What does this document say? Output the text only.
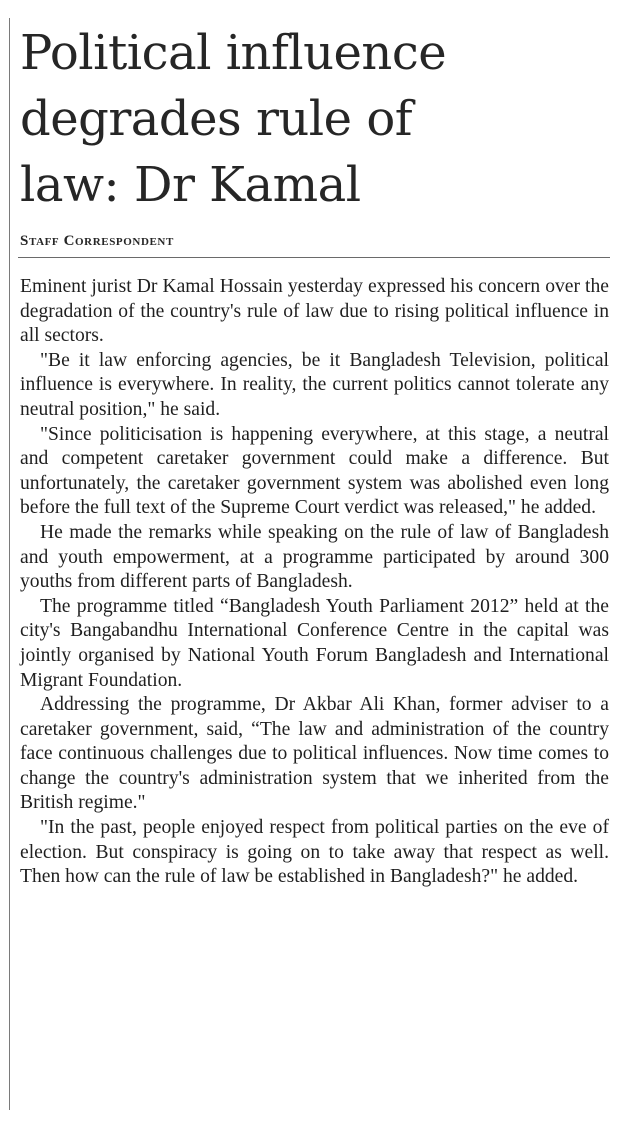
Political influence
degrades rule of
law: Dr Kamal
Staff Correspondent

Eminent jurist Dr Kamal Hossain yesterday expressed his concern over the degradation of the country's rule of law due to rising political influence in all sectors.

"Be it law enforcing agencies, be it Bangladesh Television, political influence is everywhere. In reality, the current politics cannot tolerate any neutral position," he said.

"Since politicisation is happening everywhere, at this stage, a neutral and competent caretaker government could make a difference. But unfortunately, the caretaker government system was abolished even long before the full text of the Supreme Court verdict was released," he added.

He made the remarks while speaking on the rule of law of Bangladesh and youth empowerment, at a programme participated by around 300 youths from different parts of Bangladesh.

The programme titled “Bangladesh Youth Parliament 2012” held at the city's Bangabandhu International Conference Centre in the capital was jointly organised by National Youth Forum Bangladesh and International Migrant Foundation.

Addressing the programme, Dr Akbar Ali Khan, former adviser to a caretaker government, said, “The law and administration of the country face continuous challenges due to political influences. Now time comes to change the country's administration system that we inherited from the British regime."

"In the past, people enjoyed respect from political parties on the eve of election. But conspiracy is going on to take away that respect as well. Then how can the rule of law be established in Bangladesh?" he added.
